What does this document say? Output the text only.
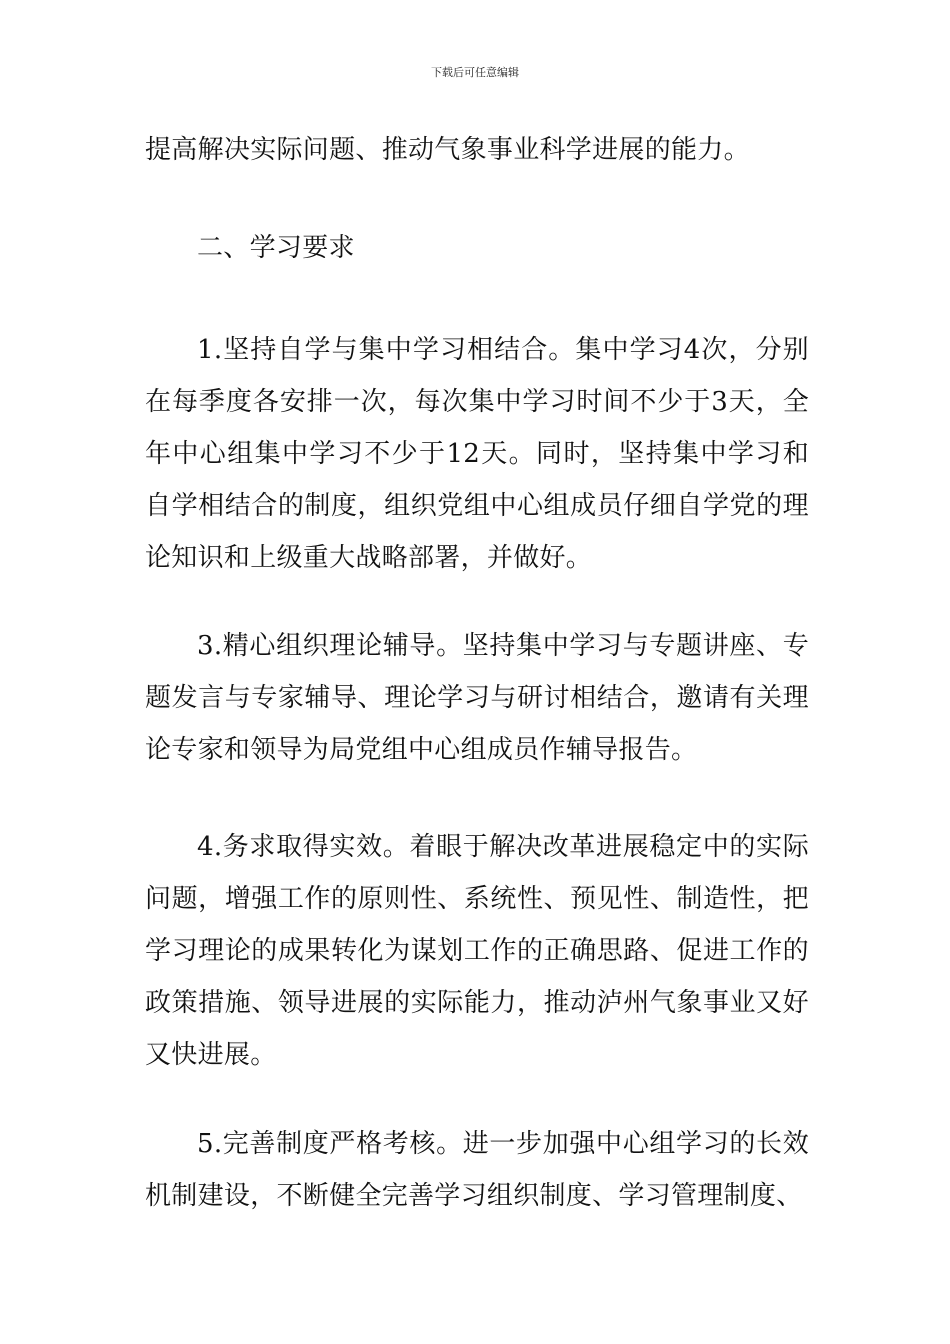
下载后可任意编辑

提高解决实际问题、推动气象事业科学进展的能力。

二、学习要求

1.坚持自学与集中学习相结合。集中学习4次，分别在每季度各安排一次，每次集中学习时间不少于3天，全年中心组集中学习不少于12天。同时，坚持集中学习和自学相结合的制度，组织党组中心组成员仔细自学党的理论知识和上级重大战略部署，并做好。

3.精心组织理论辅导。坚持集中学习与专题讲座、专题发言与专家辅导、理论学习与研讨相结合，邀请有关理论专家和领导为局党组中心组成员作辅导报告。

4.务求取得实效。着眼于解决改革进展稳定中的实际问题，增强工作的原则性、系统性、预见性、制造性，把学习理论的成果转化为谋划工作的正确思路、促进工作的政策措施、领导进展的实际能力，推动泸州气象事业又好又快进展。

5.完善制度严格考核。进一步加强中心组学习的长效机制建设，不断健全完善学习组织制度、学习管理制度、
